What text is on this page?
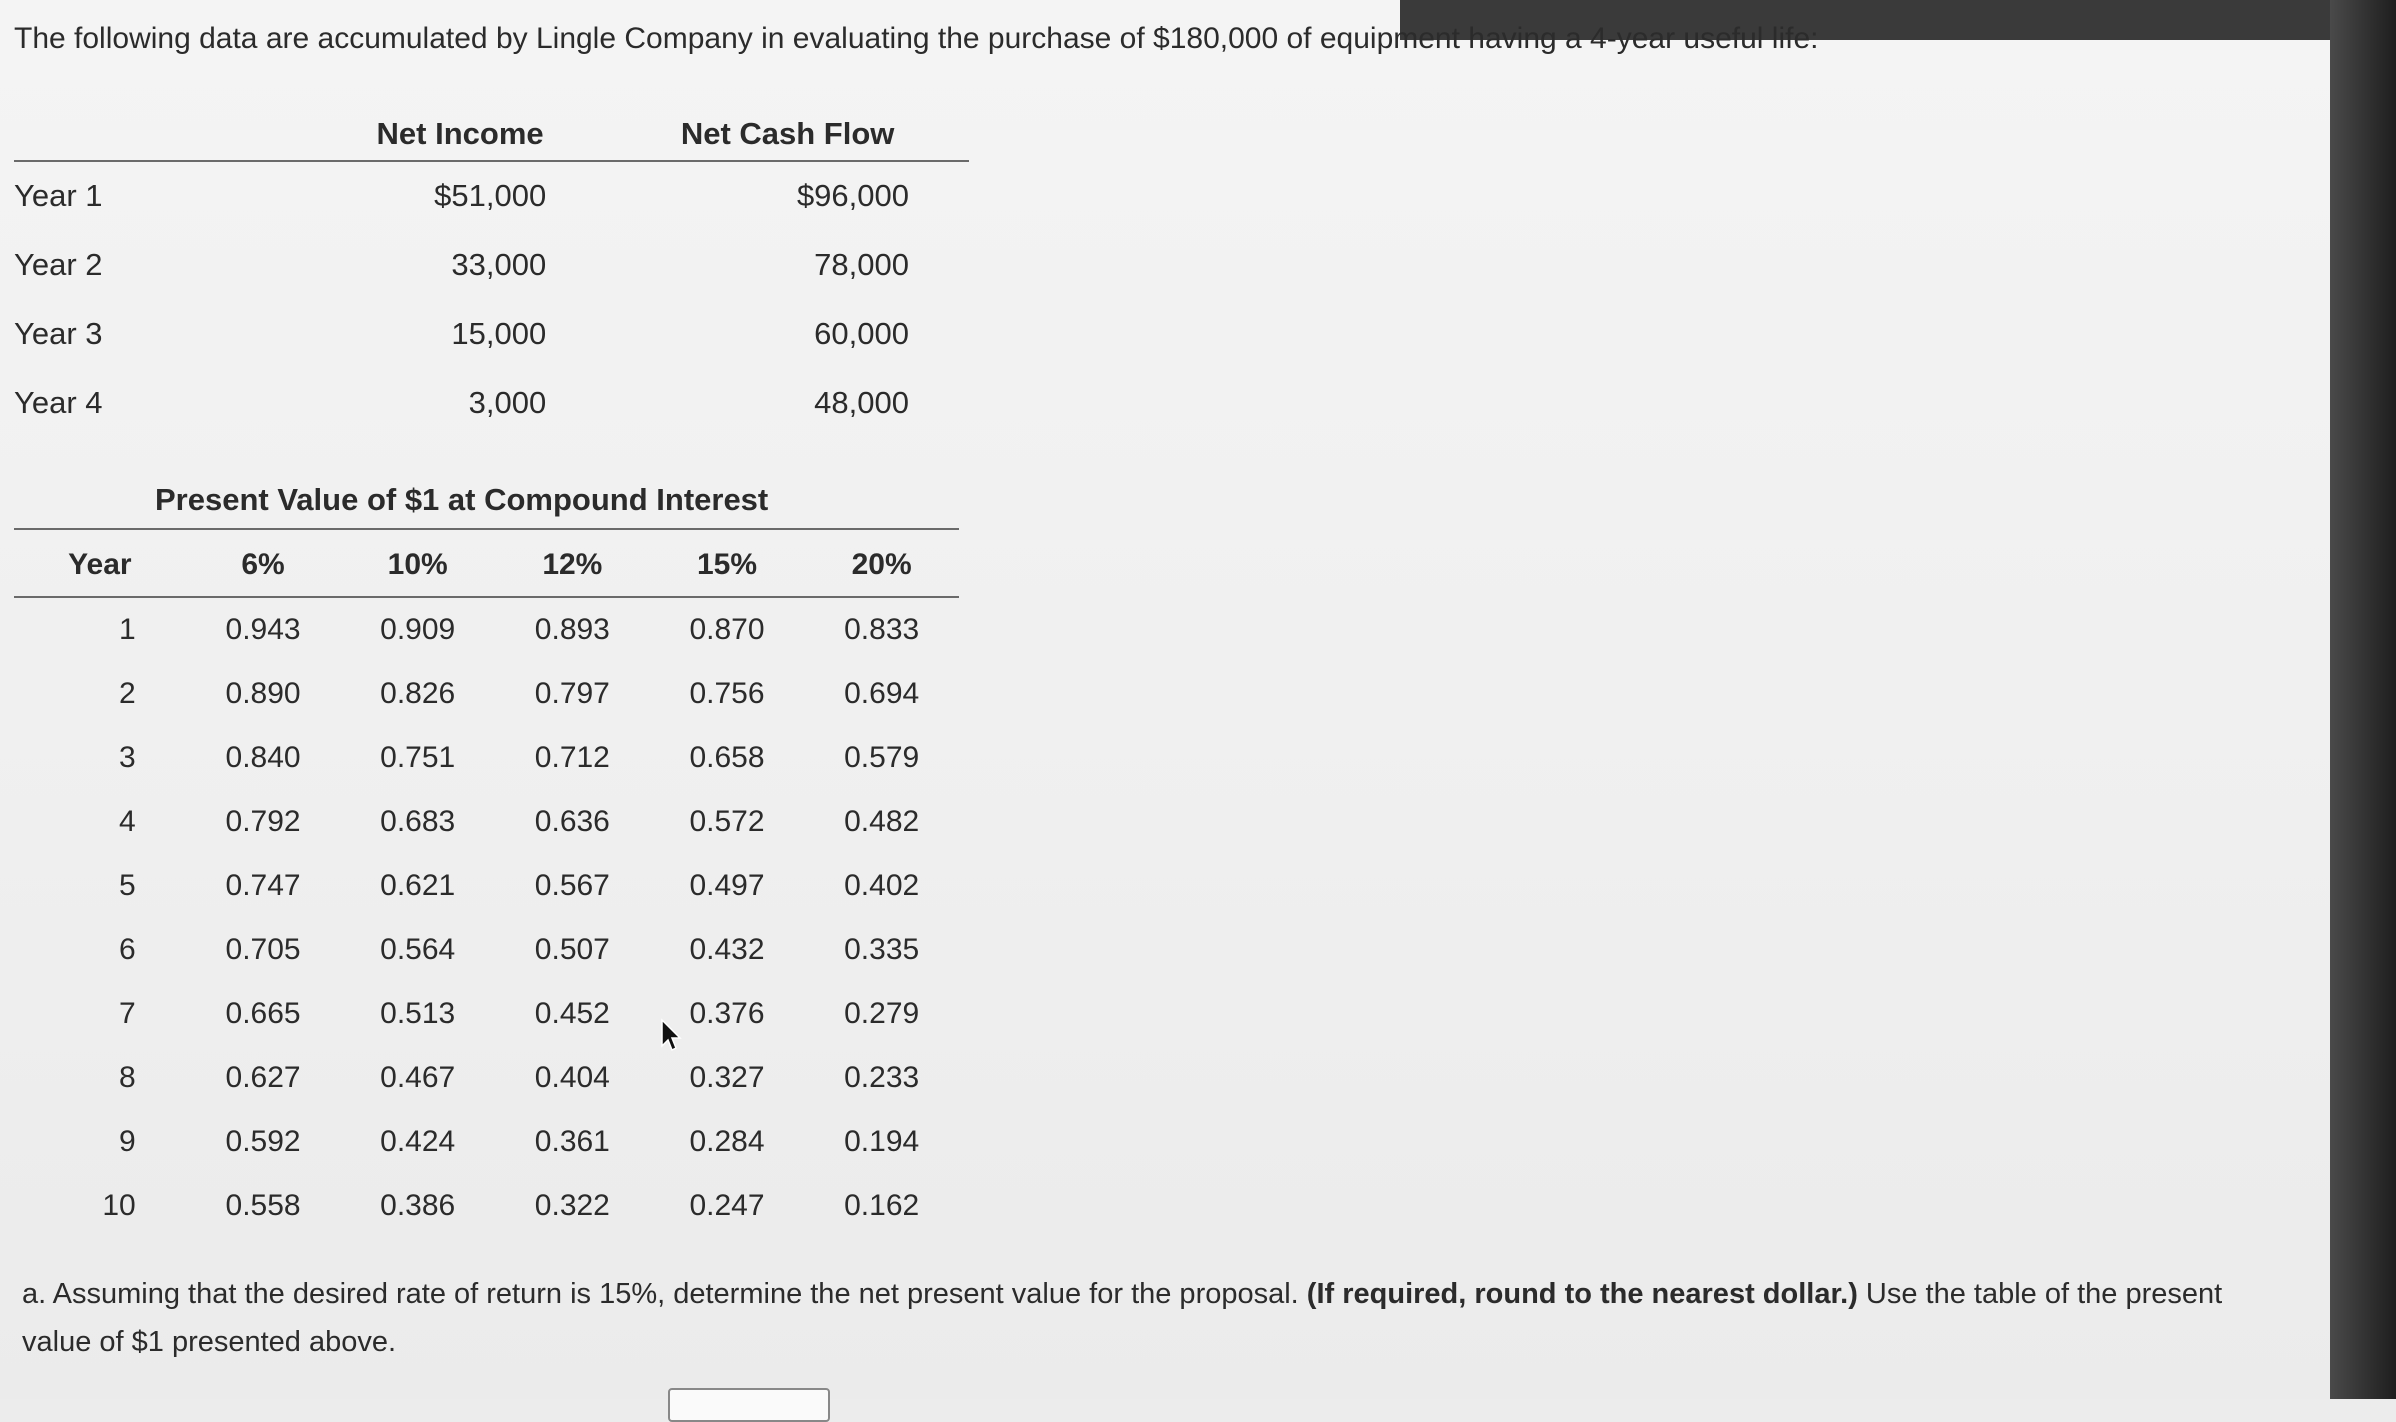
The following data are accumulated by Lingle Company in evaluating the purchase of $180,000 of equipment having a 4-year useful life:
	Net Income	Net Cash Flow
Year 1	$51,000	$96,000
Year 2	33,000	78,000
Year 3	15,000	60,000
Year 4	3,000	48,000
Present Value of $1 at Compound Interest
Year	6%	10%	12%	15%	20%
1	0.943	0.909	0.893	0.870	0.833
2	0.890	0.826	0.797	0.756	0.694
3	0.840	0.751	0.712	0.658	0.579
4	0.792	0.683	0.636	0.572	0.482
5	0.747	0.621	0.567	0.497	0.402
6	0.705	0.564	0.507	0.432	0.335
7	0.665	0.513	0.452	0.376	0.279
8	0.627	0.467	0.404	0.327	0.233
9	0.592	0.424	0.361	0.284	0.194
10	0.558	0.386	0.322	0.247	0.162
a. Assuming that the desired rate of return is 15%, determine the net present value for the proposal. (If required, round to the nearest dollar.) Use the table of the present value of $1 presented above.
